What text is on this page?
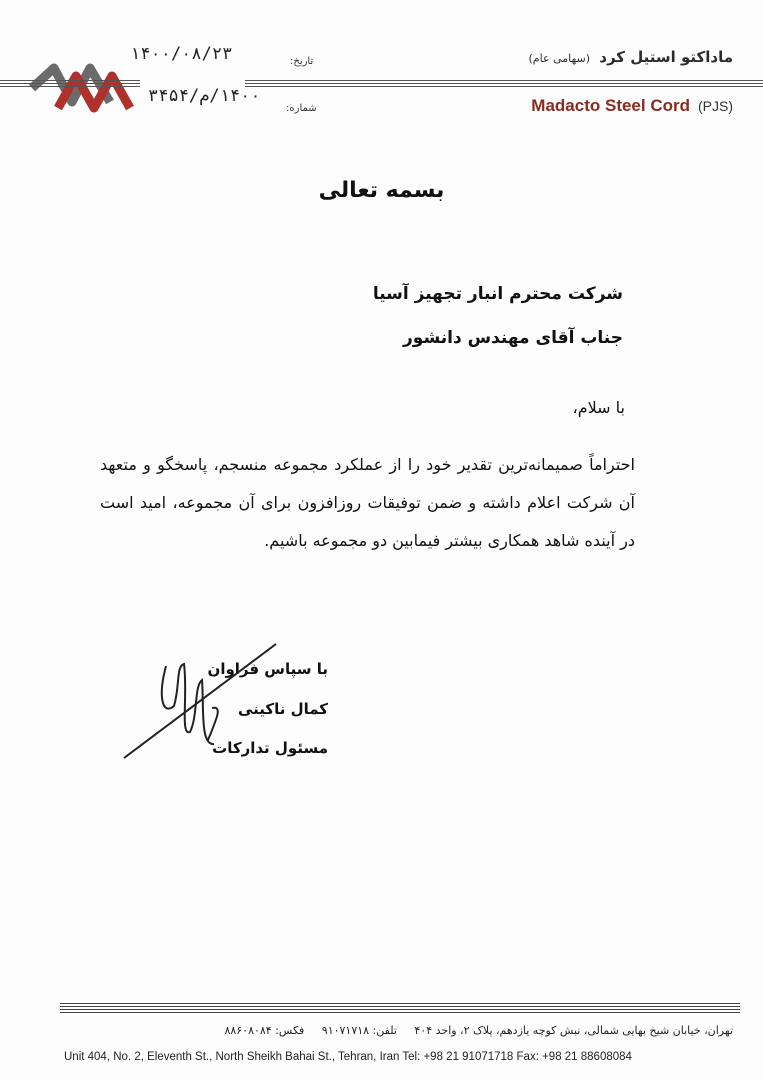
ماداکتو استیل کرد (سهامی عام)
Madacto Steel Cord (PJS)
تاریخ:
۱۴۰۰/۰۸/۲۳
شماره:
۱۴۰۰/م/۳۴۵۴
بسمه تعالی
شرکت محترم انبار تجهیز آسیا
جناب آقای مهندس دانشور
با سلام،
احتراماً صمیمانه‌ترین تقدیر خود را از عملکرد مجموعه منسجم، پاسخگو و متعهد آن شرکت اعلام داشته و ضمن توفیقات روزافزون برای آن مجموعه، امید است در آینده شاهد همکاری بیشتر فیمابین دو مجموعه باشیم.
با سپاس فراوان
کمال ناکینی
مسئول تدارکات
تهران، خیابان شیخ بهایی شمالی، نبش کوچه یازدهم، پلاک ۲، واحد ۴۰۴ تلفن: ۹۱۰۷۱۷۱۸ فکس: ۸۸۶۰۸۰۸۴
Unit 404, No. 2, Eleventh St., North Sheikh Bahai St., Tehran, Iran Tel: +98 21 91071718 Fax: +98 21 88608084
